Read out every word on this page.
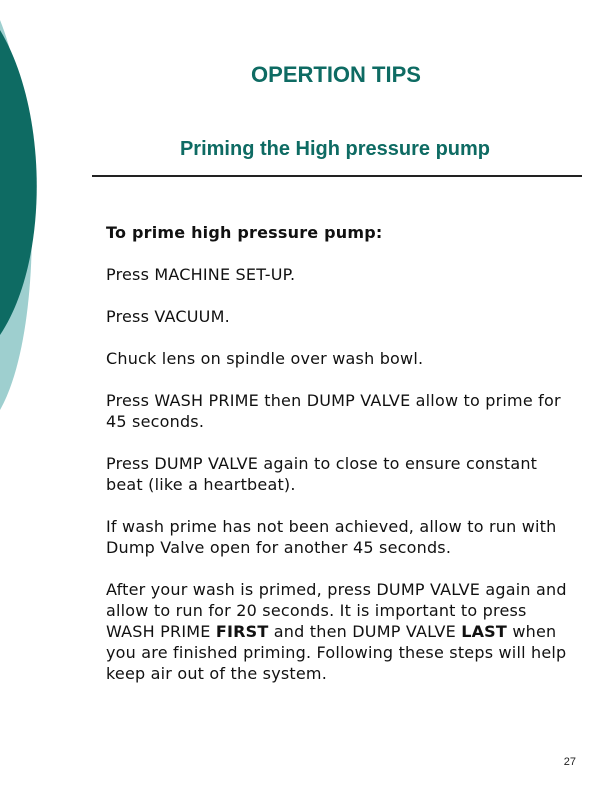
OPERTION TIPS
Priming the High pressure pump

To prime high pressure pump:

Press MACHINE SET-UP.

Press VACUUM.

Chuck lens on spindle over wash bowl.

Press WASH PRIME then DUMP VALVE allow to prime for 45 seconds.

Press DUMP VALVE again to close to ensure constant beat (like a heartbeat).

If wash prime has not been achieved, allow to run with Dump Valve open for another 45 seconds.

After your wash is primed, press DUMP VALVE again and allow to run for 20 seconds. It is important to press WASH PRIME FIRST and then DUMP VALVE LAST when you are finished priming. Following these steps will help keep air out of the system.

27
